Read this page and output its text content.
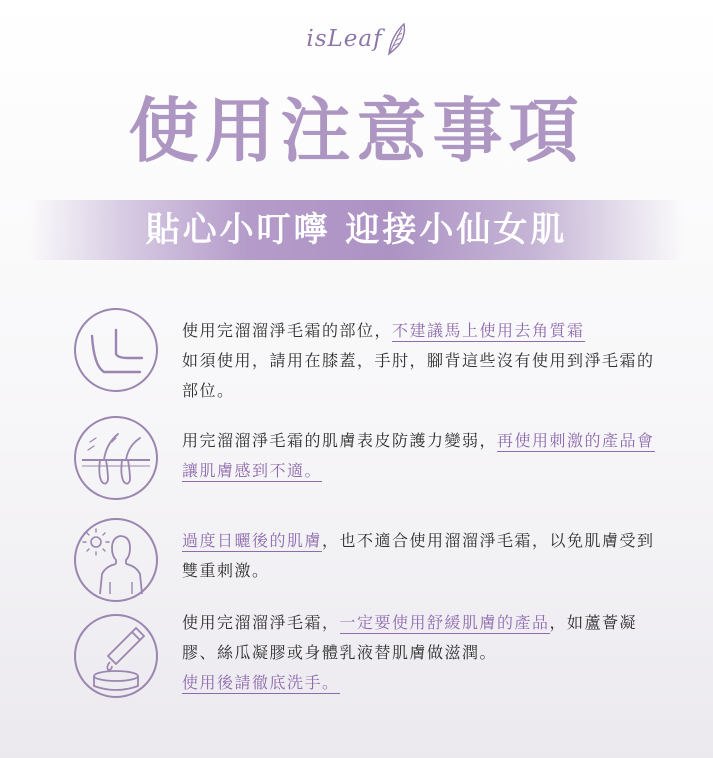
isLeaf
使用注意事項
貼心小叮嚀 迎接小仙女肌
使用完溜溜淨毛霜的部位，不建議馬上使用去角質霜
如須使用，請用在膝蓋，手肘，腳背這些沒有使用到淨毛霜的部位。
用完溜溜淨毛霜的肌膚表皮防護力變弱，再使用刺激的產品會讓肌膚感到不適。
過度日曬後的肌膚，也不適合使用溜溜淨毛霜，以免肌膚受到雙重刺激。
使用完溜溜淨毛霜，一定要使用舒緩肌膚的產品，如蘆薈凝膠、絲瓜凝膠或身體乳液替肌膚做滋潤。
使用後請徹底洗手。
